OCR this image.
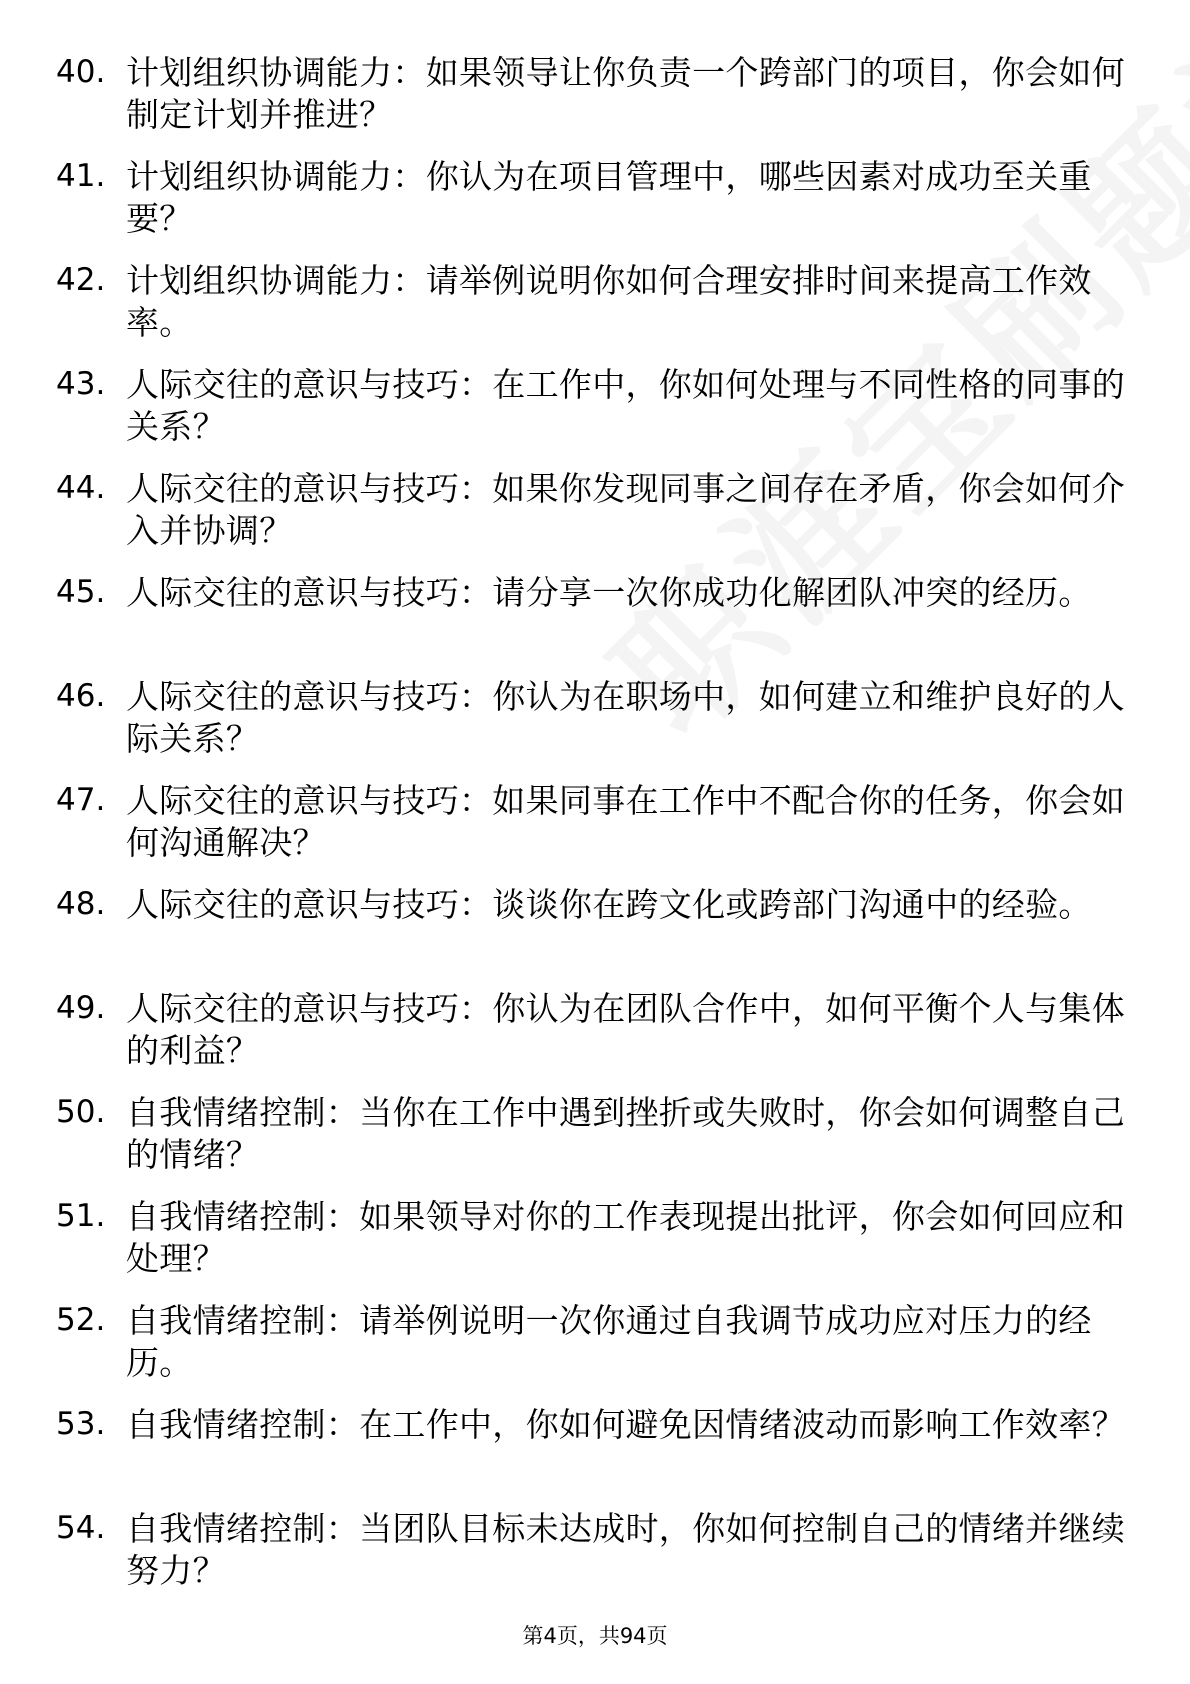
40. 计划组织协调能力：如果领导让你负责一个跨部门的项目，你会如何制定计划并推进？
41. 计划组织协调能力：你认为在项目管理中，哪些因素对成功至关重要？
42. 计划组织协调能力：请举例说明你如何合理安排时间来提高工作效率。
43. 人际交往的意识与技巧：在工作中，你如何处理与不同性格的同事的关系？
44. 人际交往的意识与技巧：如果你发现同事之间存在矛盾，你会如何介入并协调？
45. 人际交往的意识与技巧：请分享一次你成功化解团队冲突的经历。
46. 人际交往的意识与技巧：你认为在职场中，如何建立和维护良好的人际关系？
47. 人际交往的意识与技巧：如果同事在工作中不配合你的任务，你会如何沟通解决？
48. 人际交往的意识与技巧：谈谈你在跨文化或跨部门沟通中的经验。
49. 人际交往的意识与技巧：你认为在团队合作中，如何平衡个人与集体的利益？
50. 自我情绪控制：当你在工作中遇到挫折或失败时，你会如何调整自己的情绪？
51. 自我情绪控制：如果领导对你的工作表现提出批评，你会如何回应和处理？
52. 自我情绪控制：请举例说明一次你通过自我调节成功应对压力的经历。
53. 自我情绪控制：在工作中，你如何避免因情绪波动而影响工作效率？
54. 自我情绪控制：当团队目标未达成时，你如何控制自己的情绪并继续努力？
第4页，共94页
